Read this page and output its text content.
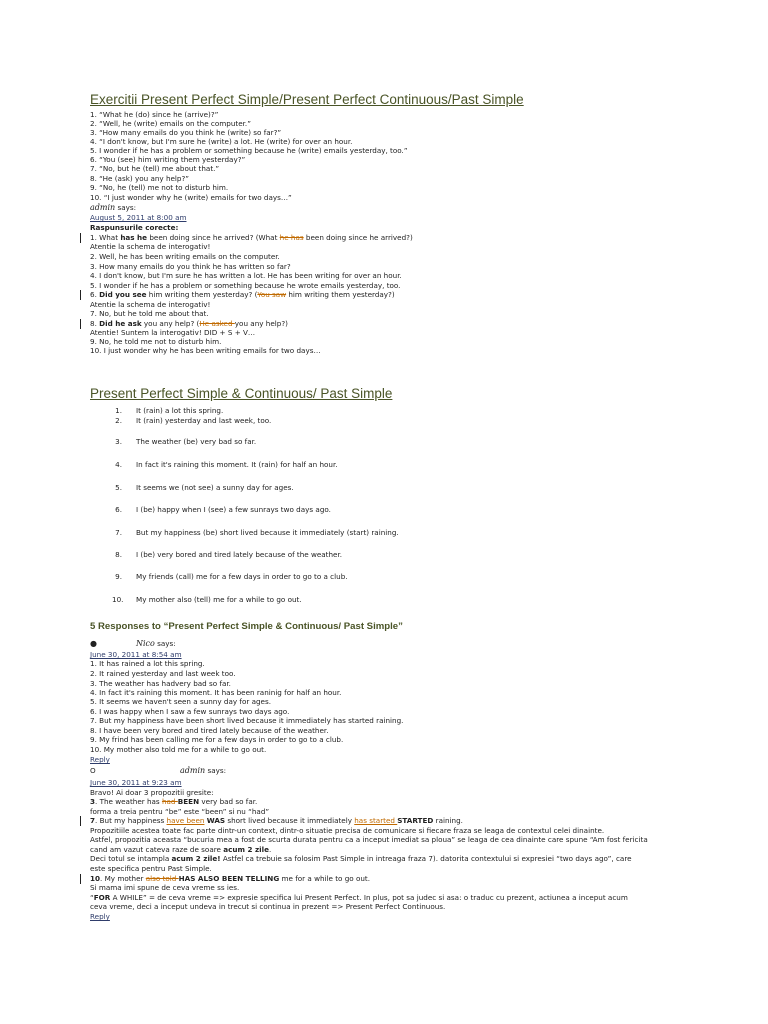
Exercitii Present Perfect Simple/Present Perfect Continuous/Past Simple
1. “What he (do) since he (arrive)?”
2. “Well, he (write) emails on the computer.”
3. “How many emails do you think he (write) so far?”
4. “I don't know, but I'm sure he (write) a lot. He (write) for over an hour.
5. I wonder if he has a problem or something because he (write) emails yesterday, too.”
6. “You (see) him writing them yesterday?”
7. “No, but he (tell) me about that.”
8. “He (ask) you any help?”
9. “No, he (tell) me not to disturb him.
10. “I just wonder why he (write) emails for two days…”
admin says:
August 5, 2011 at 8:00 am
Raspunsurile corecte:
1. What has he been doing since he arrived? (What he has been doing since he arrived?)
Atentie la schema de interogativ!
2. Well, he has been writing emails on the computer.
3. How many emails do you think he has written so far?
4. I don't know, but I'm sure he has written a lot. He has been writing for over an hour.
5. I wonder if he has a problem or something because he wrote emails yesterday, too.
6. Did you see him writing them yesterday? (You saw him writing them yesterday?)
Atentie la schema de interogativ!
7. No, but he told me about that.
8. Did he ask you any help? (He asked you any help?)
Atentie! Suntem la interogativ! DID + S + V…
9. No, he told me not to disturb him.
10. I just wonder why he has been writing emails for two days…
Present Perfect Simple & Continuous/ Past Simple
1. It (rain) a lot this spring.
2. It (rain) yesterday and last week, too.
3. The weather (be) very bad so far.
4. In fact it's raining this moment. It (rain) for half an hour.
5. It seems we (not see) a sunny day for ages.
6. I (be) happy when I (see) a few sunrays two days ago.
7. But my happiness (be) short lived because it immediately (start) raining.
8. I (be) very bored and tired lately because of the weather.
9. My friends (call) me for a few days in order to go to a club.
10. My mother also (tell) me for a while to go out.
5 Responses to “Present Perfect Simple & Continuous/ Past Simple”
●	Nico says:
June 30, 2011 at 8:54 am
1. It has rained a lot this spring.
2. It rained yesterday and last week too.
3. The weather has hadvery bad so far.
4. In fact it's raining this moment. It has been raninig for half an hour.
5. It seems we haven't seen a sunny day for ages.
6. I was happy when I saw a few sunrays two days ago.
7. But my happiness have been short lived because it immediately has started raining.
8. I have been very bored and tired lately because of the weather.
9. My frind has been calling me for a few days in order to go to a club.
10. My mother also told me for a while to go out.
Reply
O	admin says:
June 30, 2011 at 9:23 am
Bravo! Ai doar 3 propozitii gresite:
3. The weather has had BEEN very bad so far.
forma a treia pentru “be” este “been” si nu “had”
7. But my happiness have been WAS short lived because it immediately has started STARTED raining.
Propozitiile acestea toate fac parte dintr-un context, dintr-o situatie precisa de comunicare si fiecare fraza se leaga de contextul celei dinainte.
Astfel, propozitia aceasta “bucuria mea a fost de scurta durata pentru ca a inceput imediat sa ploua” se leaga de cea dinainte care spune “Am fost fericita
cand am vazut cateva raze de soare acum 2 zile.
Deci totul se intampla acum 2 zile! Astfel ca trebuie sa folosim Past Simple in intreaga fraza 7). datorita contextului si expresiei “two days ago”, care
este specifica pentru Past Simple.
10. My mother also told HAS ALSO BEEN TELLING me for a while to go out.
Si mama imi spune de ceva vreme ss ies.
“FOR A WHILE” = de ceva vreme => expresie specifica lui Present Perfect. In plus, pot sa judec si asa: o traduc cu prezent, actiunea a inceput acum
ceva vreme, deci a inceput undeva in trecut si continua in prezent => Present Perfect Continuous.
Reply
